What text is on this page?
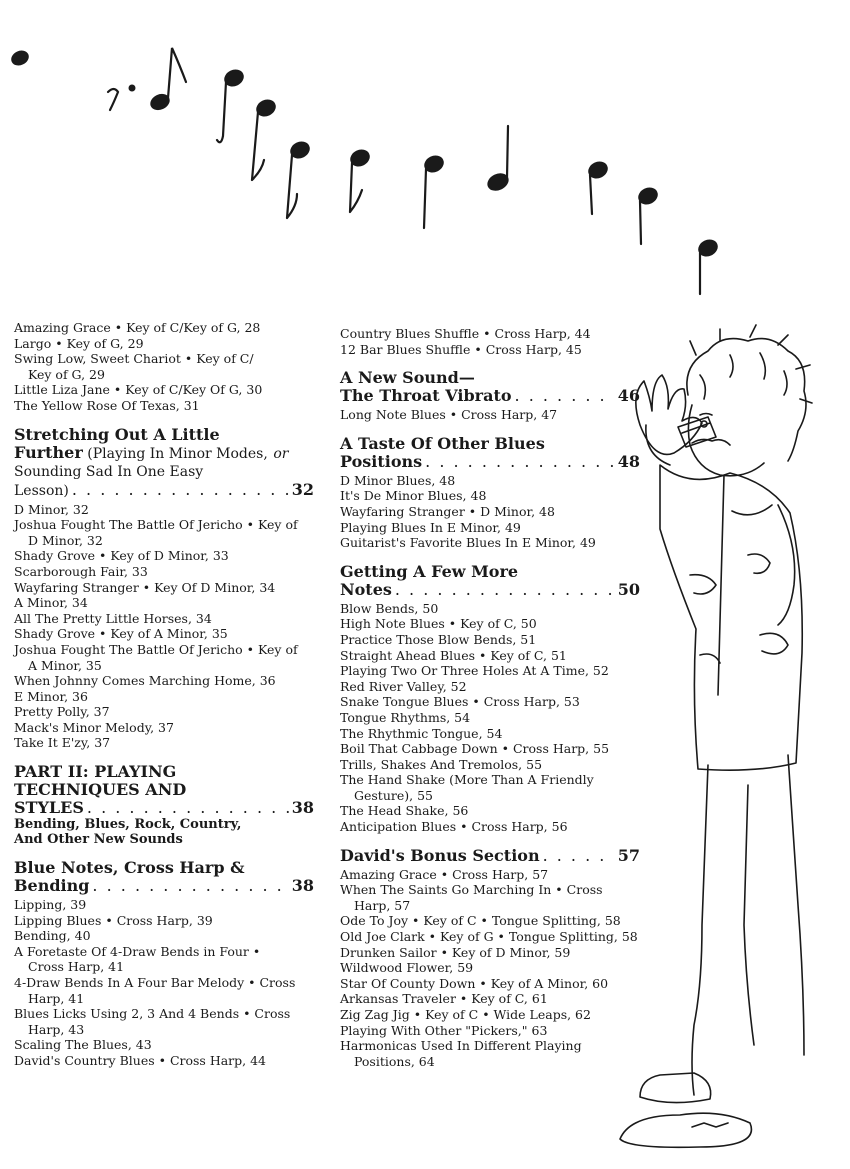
Amazing Grace • Key of C/Key of G, 28
Largo • Key of G, 29
Swing Low, Sweet Chariot • Key of C/
Key of G, 29
Little Liza Jane • Key of C/Key Of G, 30
The Yellow Rose Of Texas, 31
Stretching Out A Little
Further (Playing In Minor Modes, or
Sounding Sad In One Easy
Lesson) . . .	32
D Minor, 32
Joshua Fought The Battle Of Jericho • Key of
D Minor, 32
Shady Grove • Key of D Minor, 33
Scarborough Fair, 33
Wayfaring Stranger • Key Of D Minor, 34
A Minor, 34
All The Pretty Little Horses, 34
Shady Grove • Key of A Minor, 35
Joshua Fought The Battle Of Jericho • Key of
A Minor, 35
When Johnny Comes Marching Home, 36
E Minor, 36
Pretty Polly, 37
Mack's Minor Melody, 37
Take It E'zy, 37
PART II: PLAYING
TECHNIQUES AND
STYLES . . .	38
Bending, Blues, Rock, Country,
And Other New Sounds
Blue Notes, Cross Harp &
Bending . . .	38
Lipping, 39
Lipping Blues • Cross Harp, 39
Bending, 40
A Foretaste Of 4-Draw Bends in Four •
Cross Harp, 41
4-Draw Bends In A Four Bar Melody • Cross
Harp, 41
Blues Licks Using 2, 3 And 4 Bends • Cross
Harp, 43
Scaling The Blues, 43
David's Country Blues • Cross Harp, 44
Country Blues Shuffle • Cross Harp, 44
12 Bar Blues Shuffle • Cross Harp, 45
A New Sound—
The Throat Vibrato . . .	46
Long Note Blues • Cross Harp, 47
A Taste Of Other Blues
Positions . . .	48
D Minor Blues, 48
It's De Minor Blues, 48
Wayfaring Stranger • D Minor, 48
Playing Blues In E Minor, 49
Guitarist's Favorite Blues In E Minor, 49
Getting A Few More
Notes . . .	50
Blow Bends, 50
High Note Blues • Key of C, 50
Practice Those Blow Bends, 51
Straight Ahead Blues • Key of C, 51
Playing Two Or Three Holes At A Time, 52
Red River Valley, 52
Snake Tongue Blues • Cross Harp, 53
Tongue Rhythms, 54
The Rhythmic Tongue, 54
Boil That Cabbage Down • Cross Harp, 55
Trills, Shakes And Tremolos, 55
The Hand Shake (More Than A Friendly
Gesture), 55
The Head Shake, 56
Anticipation Blues • Cross Harp, 56
David's Bonus Section . . .	57
Amazing Grace • Cross Harp, 57
When The Saints Go Marching In • Cross
Harp, 57
Ode To Joy • Key of C • Tongue Splitting, 58
Old Joe Clark • Key of G • Tongue Splitting, 58
Drunken Sailor • Key of D Minor, 59
Wildwood Flower, 59
Star Of County Down • Key of A Minor, 60
Arkansas Traveler • Key of C, 61
Zig Zag Jig • Key of C • Wide Leaps, 62
Playing With Other "Pickers," 63
Harmonicas Used In Different Playing
Positions, 64
